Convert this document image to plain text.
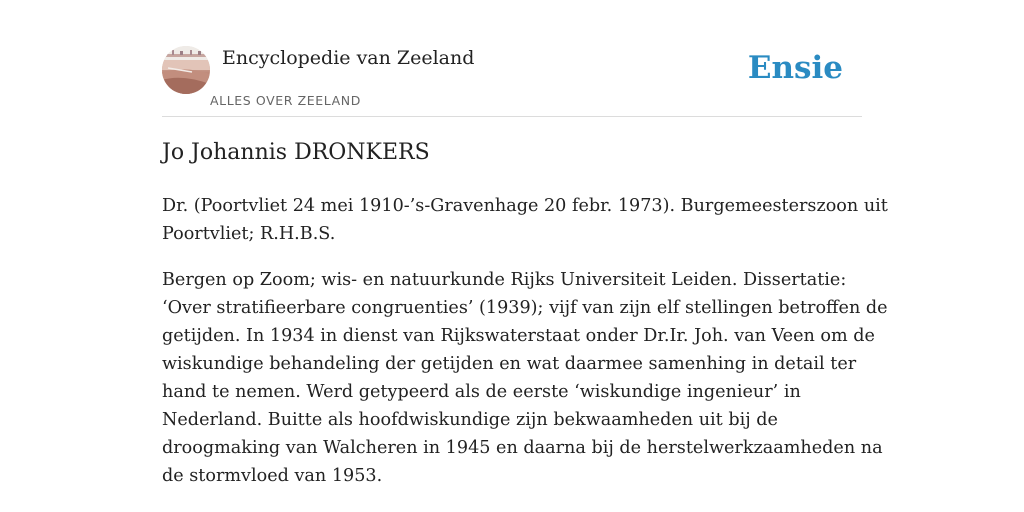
Encyclopedie van Zeeland
ALLES OVER ZEELAND
Ensie
Jo Johannis DRONKERS

Dr. (Poortvliet 24 mei 1910-’s-Gravenhage 20 febr. 1973). Burgemeesterszoon uit
Poortvliet; R.H.B.S.

Bergen op Zoom; wis- en natuurkunde Rijks Universiteit Leiden. Dissertatie:
‘Over stratifieerbare congruenties’ (1939); vijf van zijn elf stellingen betroffen de
getijden. In 1934 in dienst van Rijkswaterstaat onder Dr.Ir. Joh. van Veen om de
wiskundige behandeling der getijden en wat daarmee samenhing in detail ter
hand te nemen. Werd getypeerd als de eerste ‘wiskundige ingenieur’ in
Nederland. Buitte als hoofdwiskundige zijn bekwaamheden uit bij de
droogmaking van Walcheren in 1945 en daarna bij de herstelwerkzaamheden na
de stormvloed van 1953.
